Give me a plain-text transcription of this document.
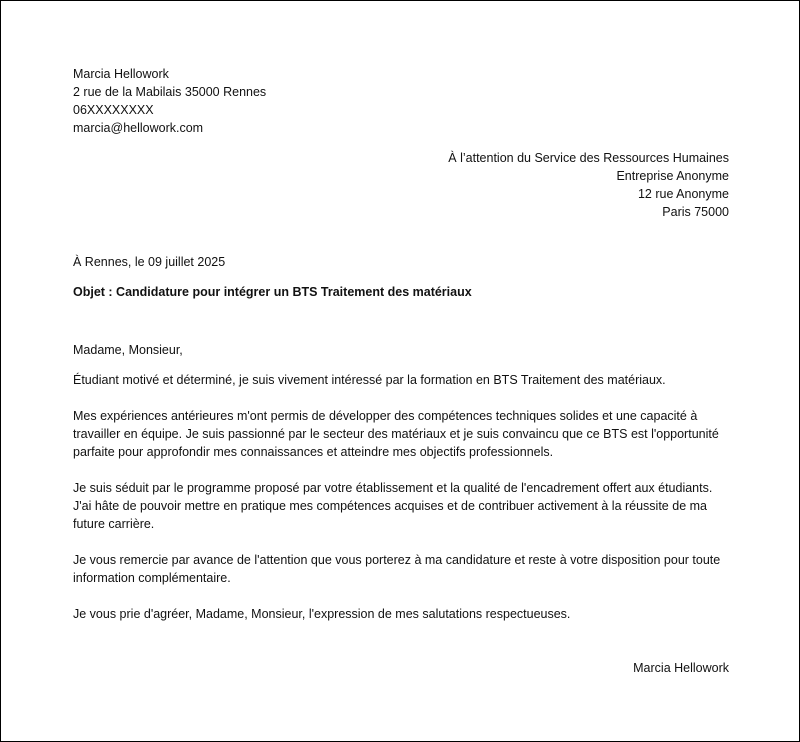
Marcia Hellowork
2 rue de la Mabilais 35000 Rennes
06XXXXXXXX
marcia@hellowork.com
À l’attention du Service des Ressources Humaines
Entreprise Anonyme
12 rue Anonyme
Paris 75000
À Rennes, le 09 juillet 2025
Objet : Candidature pour intégrer un BTS Traitement des matériaux
Madame, Monsieur,

Étudiant motivé et déterminé, je suis vivement intéressé par la formation en BTS Traitement des matériaux.

Mes expériences antérieures m'ont permis de développer des compétences techniques solides et une capacité à travailler en équipe. Je suis passionné par le secteur des matériaux et je suis convaincu que ce BTS est l'opportunité parfaite pour approfondir mes connaissances et atteindre mes objectifs professionnels.

Je suis séduit par le programme proposé par votre établissement et la qualité de l'encadrement offert aux étudiants. J'ai hâte de pouvoir mettre en pratique mes compétences acquises et de contribuer activement à la réussite de ma future carrière.

Je vous remercie par avance de l'attention que vous porterez à ma candidature et reste à votre disposition pour toute information complémentaire.

Je vous prie d'agréer, Madame, Monsieur, l'expression de mes salutations respectueuses.

Marcia Hellowork
